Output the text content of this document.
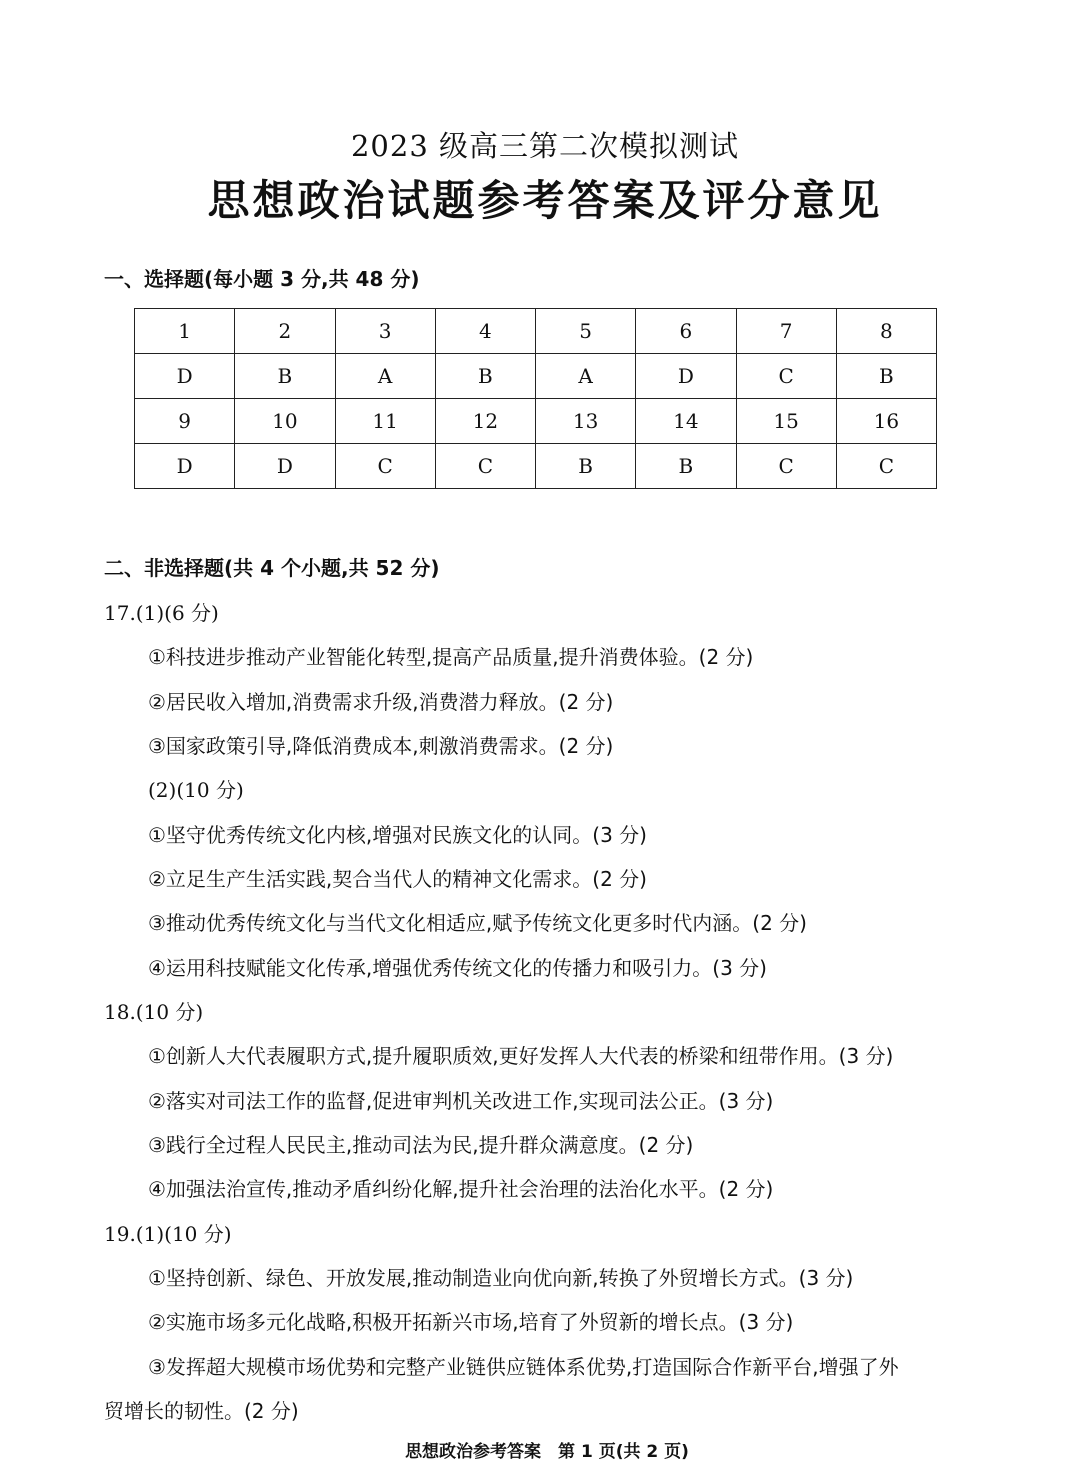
2023 级高三第二次模拟测试
思想政治试题参考答案及评分意见
一、选择题(每小题 3 分,共 48 分)
1	2	3	4	5	6	7	8
D	B	A	B	A	D	C	B
9	10	11	12	13	14	15	16
D	D	C	C	B	B	C	C
二、非选择题(共 4 个小题,共 52 分)
17.(1)(6 分)
①科技进步推动产业智能化转型,提高产品质量,提升消费体验。(2 分)
②居民收入增加,消费需求升级,消费潜力释放。(2 分)
③国家政策引导,降低消费成本,刺激消费需求。(2 分)
(2)(10 分)
①坚守优秀传统文化内核,增强对民族文化的认同。(3 分)
②立足生产生活实践,契合当代人的精神文化需求。(2 分)
③推动优秀传统文化与当代文化相适应,赋予传统文化更多时代内涵。(2 分)
④运用科技赋能文化传承,增强优秀传统文化的传播力和吸引力。(3 分)
18.(10 分)
①创新人大代表履职方式,提升履职质效,更好发挥人大代表的桥梁和纽带作用。(3 分)
②落实对司法工作的监督,促进审判机关改进工作,实现司法公正。(3 分)
③践行全过程人民民主,推动司法为民,提升群众满意度。(2 分)
④加强法治宣传,推动矛盾纠纷化解,提升社会治理的法治化水平。(2 分)
19.(1)(10 分)
①坚持创新、绿色、开放发展,推动制造业向优向新,转换了外贸增长方式。(3 分)
②实施市场多元化战略,积极开拓新兴市场,培育了外贸新的增长点。(3 分)
③发挥超大规模市场优势和完整产业链供应链体系优势,打造国际合作新平台,增强了外
贸增长的韧性。(2 分)
思想政治参考答案　第 1 页(共 2 页)
